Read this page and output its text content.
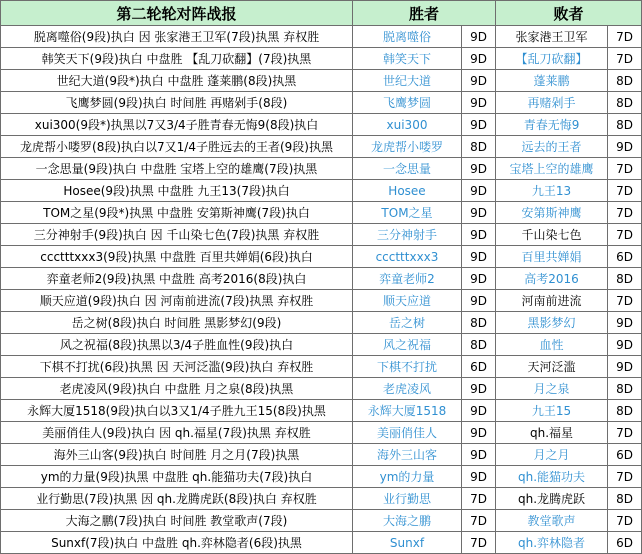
第二轮轮对阵战报	胜者		败者	
脱离噬俗(9段)执白 因 张家港王卫军(7段)执黑 弃权胜	脱离噬俗	9D	张家港王卫军	7D
韩笑天下(9段)执白 中盘胜 【乱刀砍翻】(7段)执黑	韩笑天下	9D	【乱刀砍翻】	7D
世纪大道(9段*)执白 中盘胜 蓬莱鹏(8段)执黑	世纪大道	9D	蓬莱鹏	8D
飞鹰梦圆(9段)执白 时间胜 再赌剁手(8段)	飞鹰梦圆	9D	再赌剁手	8D
xui300(9段*)执黑以7又3/4子胜青春无悔9(8段)执白	xui300	9D	青春无悔9	8D
龙虎帮小喽罗(8段)执白以7又1/4子胜远去的王者(9段)执黑	龙虎帮小喽罗	8D	远去的王者	9D
一念思量(9段)执白 中盘胜 宝塔上空的雄鹰(7段)执黑	一念思量	9D	宝塔上空的雄鹰	7D
Hosee(9段)执黑 中盘胜 九王13(7段)执白	Hosee	9D	九王13	7D
TOM之星(9段*)执黑 中盘胜 安第斯神鹰(7段)执白	TOM之星	9D	安第斯神鹰	7D
三分神射手(9段)执白 因 千山染七色(7段)执黑 弃权胜	三分神射手	9D	千山染七色	7D
ccctttxxx3(9段)执黑 中盘胜 百里共婵娟(6段)执白	ccctttxxx3	9D	百里共婵娟	6D
弈童老师2(9段)执黑 中盘胜 高考2016(8段)执白	弈童老师2	9D	高考2016	8D
顺天应道(9段)执白 因 河南前进流(7段)执黑 弃权胜	顺天应道	9D	河南前进流	7D
岳之树(8段)执白 时间胜 黑影梦幻(9段)	岳之树	8D	黑影梦幻	9D
风之祝福(8段)执黑以3/4子胜血性(9段)执白	风之祝福	8D	血性	9D
下棋不打扰(6段)执黑 因 天河泛滥(9段)执白 弃权胜	下棋不打扰	6D	天河泛滥	9D
老虎凌风(9段)执白 中盘胜 月之泉(8段)执黑	老虎凌风	9D	月之泉	8D
永辉大厦1518(9段)执白以3又1/4子胜九王15(8段)执黑	永辉大厦1518	9D	九王15	8D
美丽俏佳人(9段)执白 因 qh.福星(7段)执黑 弃权胜	美丽俏佳人	9D	qh.福星	7D
海外三山客(9段)执白 时间胜 月之月(7段)执黑	海外三山客	9D	月之月	6D
ym的力量(9段)执黑 中盘胜 qh.能猫功夫(7段)执白	ym的力量	9D	qh.能猫功夫	7D
业行勤思(7段)执黑 因 qh.龙腾虎跃(8段)执白 弃权胜	业行勤思	7D	qh.龙腾虎跃	8D
大海之鹏(7段)执白 时间胜 教堂歌声(7段)	大海之鹏	7D	教堂歌声	7D
Sunxf(7段)执白 中盘胜 qh.弈林隐者(6段)执黑	Sunxf	7D	qh.弈林隐者	6D
